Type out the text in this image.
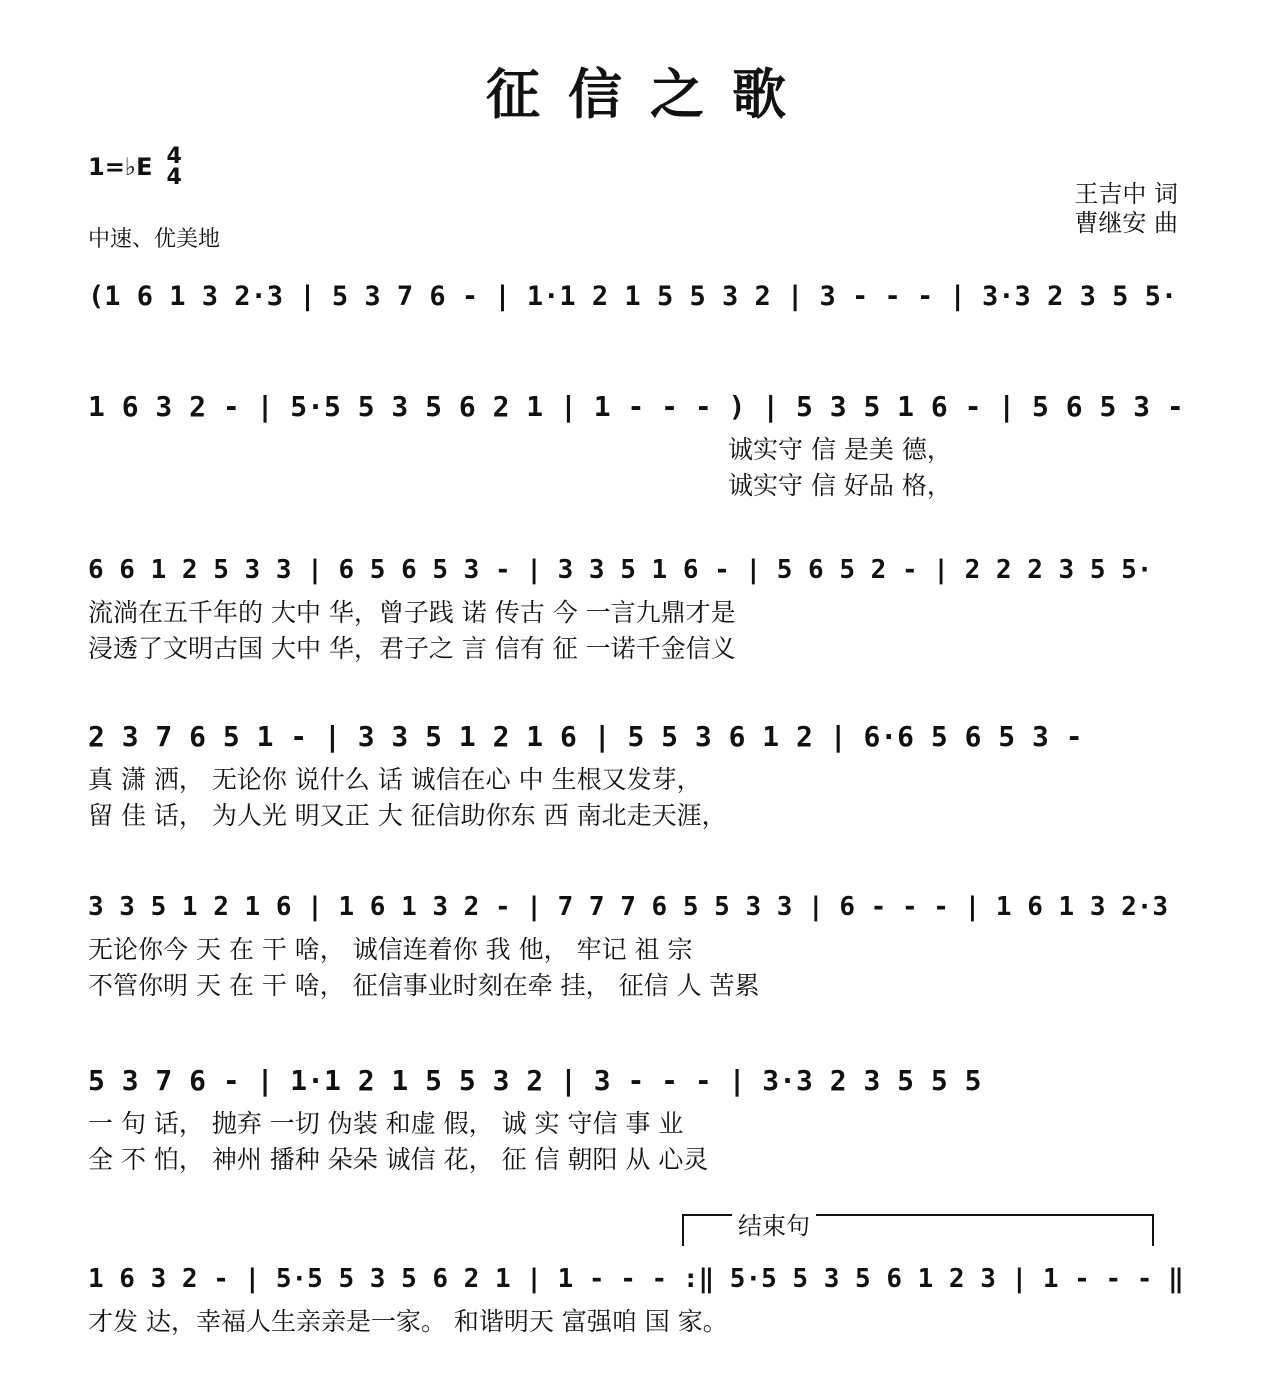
征信之歌
1=♭E 4
4
中速、优美地
王吉中 词
曹继安 曲
(1 6 1 3 2·3 | 5 3 7 6 - | 1·1 2 1 5 5 3 2 | 3 - - - | 3·3 2 3 5 5·
1 6 3 2 - | 5·5 5 3 5 6 2 1 | 1 - - - ) | 5 3 5 1 6 - | 5 6 5 3 -
诚实守 信 是美 德，
诚实守 信 好品 格，
6 6 1 2 5 3 3 | 6 5 6 5 3 - | 3 3 5 1 6 - | 5 6 5 2 - | 2 2 2 3 5 5·
流淌在五千年的 大中 华，曾子践 诺 传古 今 一言九鼎才是
浸透了文明古国 大中 华，君子之 言 信有 征 一诺千金信义
2 3 7 6 5 1 - | 3 3 5 1 2 1 6 | 5 5 3 6 1 2 | 6·6 5 6 5 3 -
真 潇 洒， 无论你 说什么 话 诚信在心 中 生根又发芽，
留 佳 话， 为人光 明又正 大 征信助你东 西 南北走天涯，
3 3 5 1 2 1 6 | 1 6 1 3 2 - | 7 7 7 6 5 5 3 3 | 6 - - - | 1 6 1 3 2·3
无论你今 天 在 干 啥， 诚信连着你 我 他， 牢记 祖 宗
不管你明 天 在 干 啥， 征信事业时刻在牵 挂， 征信 人 苦累
5 3 7 6 - | 1·1 2 1 5 5 3 2 | 3 - - - | 3·3 2 3 5 5 5
一 句 话， 抛弃 一切 伪装 和虚 假， 诚 实 守信 事 业
全 不 怕， 神州 播种 朵朵 诚信 花， 征 信 朝阳 从 心灵
结束句
1 6 3 2 - | 5·5 5 3 5 6 2 1 | 1 - - - :‖ 5·5 5 3 5 6 1 2 3 | 1 - - - ‖
才发 达，幸福人生亲亲是一家。 和谐明天 富强咱 国 家。
